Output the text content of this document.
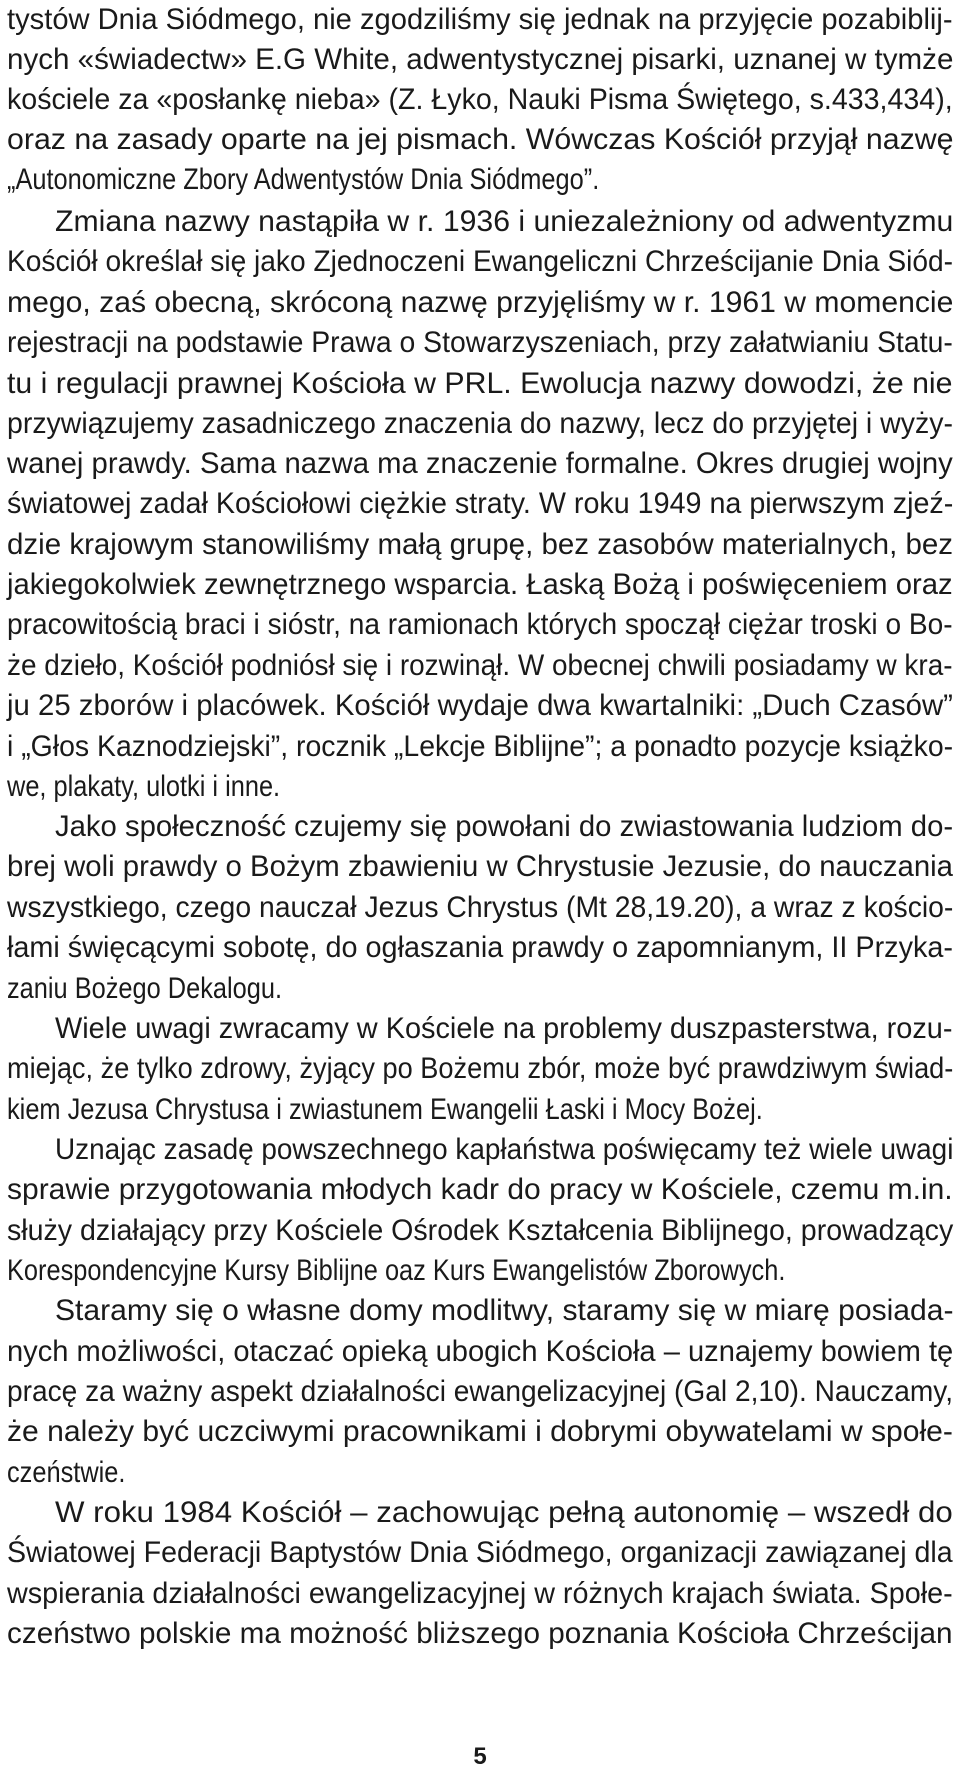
tystów Dnia Siódmego, nie zgodziliśmy się jednak na przyjęcie pozabiblij-
nych «świadectw» E.G White, adwentystycznej pisarki, uznanej w tymże
kościele za «posłankę nieba» (Z. Łyko, Nauki Pisma Świętego, s.433,434),
oraz na zasady oparte na jej pismach. Wówczas Kościół przyjął nazwę
„Autonomiczne Zbory Adwentystów Dnia Siódmego”.
Zmiana nazwy nastąpiła w r. 1936 i uniezależniony od adwentyzmu
Kościół określał się jako Zjednoczeni Ewangeliczni Chrześcijanie Dnia Siód-
mego, zaś obecną, skróconą nazwę przyjęliśmy w r. 1961 w momencie
rejestracji na podstawie Prawa o Stowarzyszeniach, przy załatwianiu Statu-
tu i regulacji prawnej Kościoła w PRL. Ewolucja nazwy dowodzi, że nie
przywiązujemy zasadniczego znaczenia do nazwy, lecz do przyjętej i wyży-
wanej prawdy. Sama nazwa ma znaczenie formalne. Okres drugiej wojny
światowej zadał Kościołowi ciężkie straty. W roku 1949 na pierwszym zjeź-
dzie krajowym stanowiliśmy małą grupę, bez zasobów materialnych, bez
jakiegokolwiek zewnętrznego wsparcia. Łaską Bożą i poświęceniem oraz
pracowitością braci i sióstr, na ramionach których spoczął ciężar troski o Bo-
że dzieło, Kościół podniósł się i rozwinął. W obecnej chwili posiadamy w kra-
ju 25 zborów i placówek. Kościół wydaje dwa kwartalniki: „Duch Czasów”
i „Głos Kaznodziejski”, rocznik „Lekcje Biblijne”; a ponadto pozycje książko-
we, plakaty, ulotki i inne.
Jako społeczność czujemy się powołani do zwiastowania ludziom do-
brej woli prawdy o Bożym zbawieniu w Chrystusie Jezusie, do nauczania
wszystkiego, czego nauczał Jezus Chrystus (Mt 28,19.20), a wraz z kościo-
łami święcącymi sobotę, do ogłaszania prawdy o zapomnianym, II Przyka-
zaniu Bożego Dekalogu.
Wiele uwagi zwracamy w Kościele na problemy duszpasterstwa, rozu-
miejąc, że tylko zdrowy, żyjący po Bożemu zbór, może być prawdziwym świad-
kiem Jezusa Chrystusa i zwiastunem Ewangelii Łaski i Mocy Bożej.
Uznając zasadę powszechnego kapłaństwa poświęcamy też wiele uwagi
sprawie przygotowania młodych kadr do pracy w Kościele, czemu m.in.
służy działający przy Kościele Ośrodek Kształcenia Biblijnego, prowadzący
Korespondencyjne Kursy Biblijne oaz Kurs Ewangelistów Zborowych.
Staramy się o własne domy modlitwy, staramy się w miarę posiada-
nych możliwości, otaczać opieką ubogich Kościoła – uznajemy bowiem tę
pracę za ważny aspekt działalności ewangelizacyjnej (Gal 2,10). Nauczamy,
że należy być uczciwymi pracownikami i dobrymi obywatelami w społe-
czeństwie.
W roku 1984 Kościół – zachowując pełną autonomię – wszedł do
Światowej Federacji Baptystów Dnia Siódmego, organizacji zawiązanej dla
wspierania działalności ewangelizacyjnej w różnych krajach świata. Społe-
czeństwo polskie ma możność bliższego poznania Kościoła Chrześcijan
5
